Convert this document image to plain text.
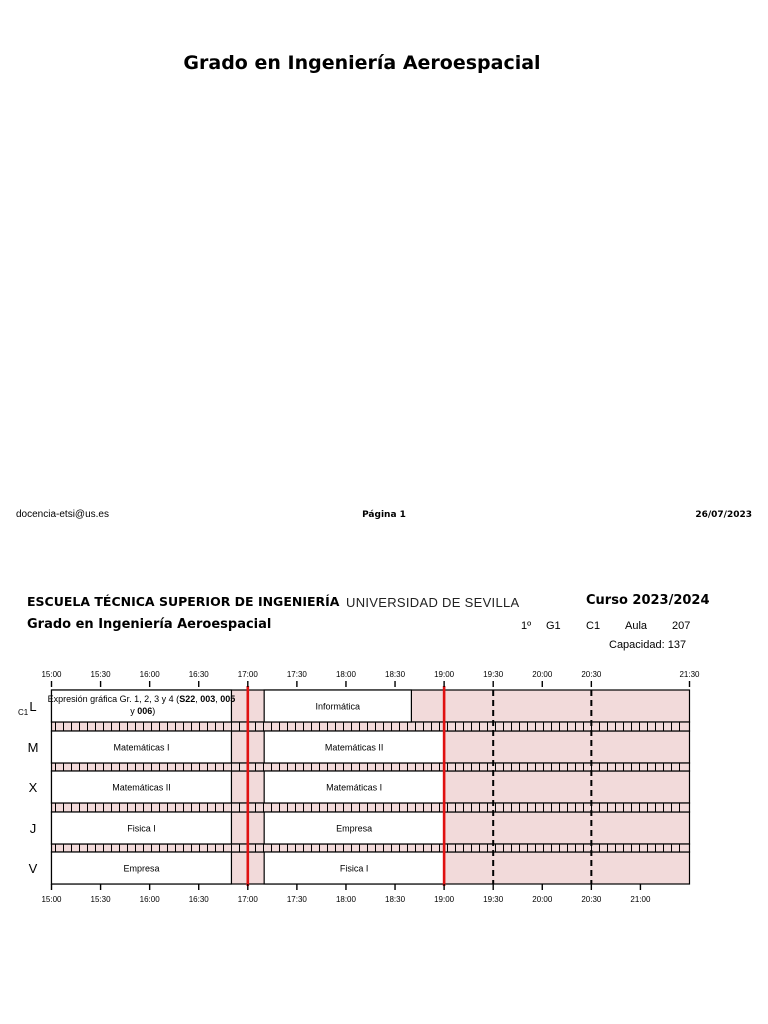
Grado en Ingeniería Aeroespacial
docencia-etsi@us.es	Página 1	26/07/2023
ESCUELA TÉCNICA SUPERIOR DE INGENIERÍA UNIVERSIDAD DE SEVILLA	Curso 2023/2024
Grado en Ingeniería Aeroespacial	1º G1 C1 Aula 207
Capacidad: 137
Expresión gráfica Gr. 1, 2, 3 y 4 (S22, 003, 005 y 006)	Informática
L
Matemáticas I	Matemáticas II
M
Matemáticas II	Matemáticas I
X
Fisica I	Empresa
J
Empresa	Fisica I
V
C1
15:00	15:30	16:00	16:30	17:00	17:30	18:00	18:30	19:00	19:30	20:00	20:30	21:30
15:00	15:30	16:00	16:30	17:00	17:30	18:00	18:30	19:00	19:30	20:00	20:30	21:00
